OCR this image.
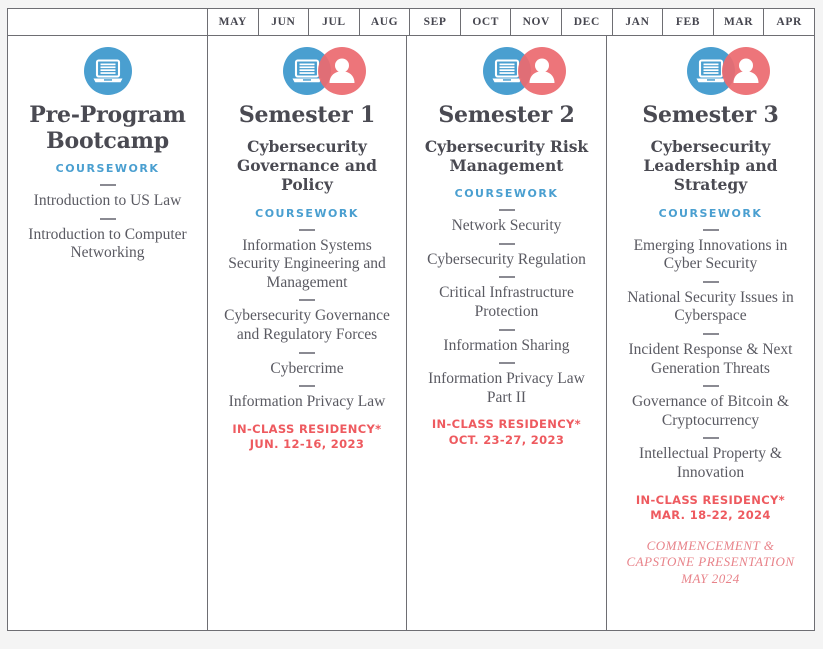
MAY	JUN	JUL	AUG	SEP	OCT	NOV	DEC	JAN	FEB	MAR	APR
Pre-Program Bootcamp
COURSEWORK
Introduction to US Law
Introduction to Computer Networking
Semester 1
Cybersecurity Governance and Policy
COURSEWORK
Information Systems Security Engineering and Management
Cybersecurity Governance and Regulatory Forces
Cybercrime
Information Privacy Law
IN-CLASS RESIDENCY*
JUN. 12-16, 2023
Semester 2
Cybersecurity Risk Management
COURSEWORK
Network Security
Cybersecurity Regulation
Critical Infrastructure Protection
Information Sharing
Information Privacy Law Part II
IN-CLASS RESIDENCY*
OCT. 23-27, 2023
Semester 3
Cybersecurity Leadership and Strategy
COURSEWORK
Emerging Innovations in Cyber Security
National Security Issues in Cyberspace
Incident Response & Next Generation Threats
Governance of Bitcoin & Cryptocurrency
Intellectual Property & Innovation
IN-CLASS RESIDENCY*
MAR. 18-22, 2024
COMMENCEMENT & CAPSTONE PRESENTATION MAY 2024
